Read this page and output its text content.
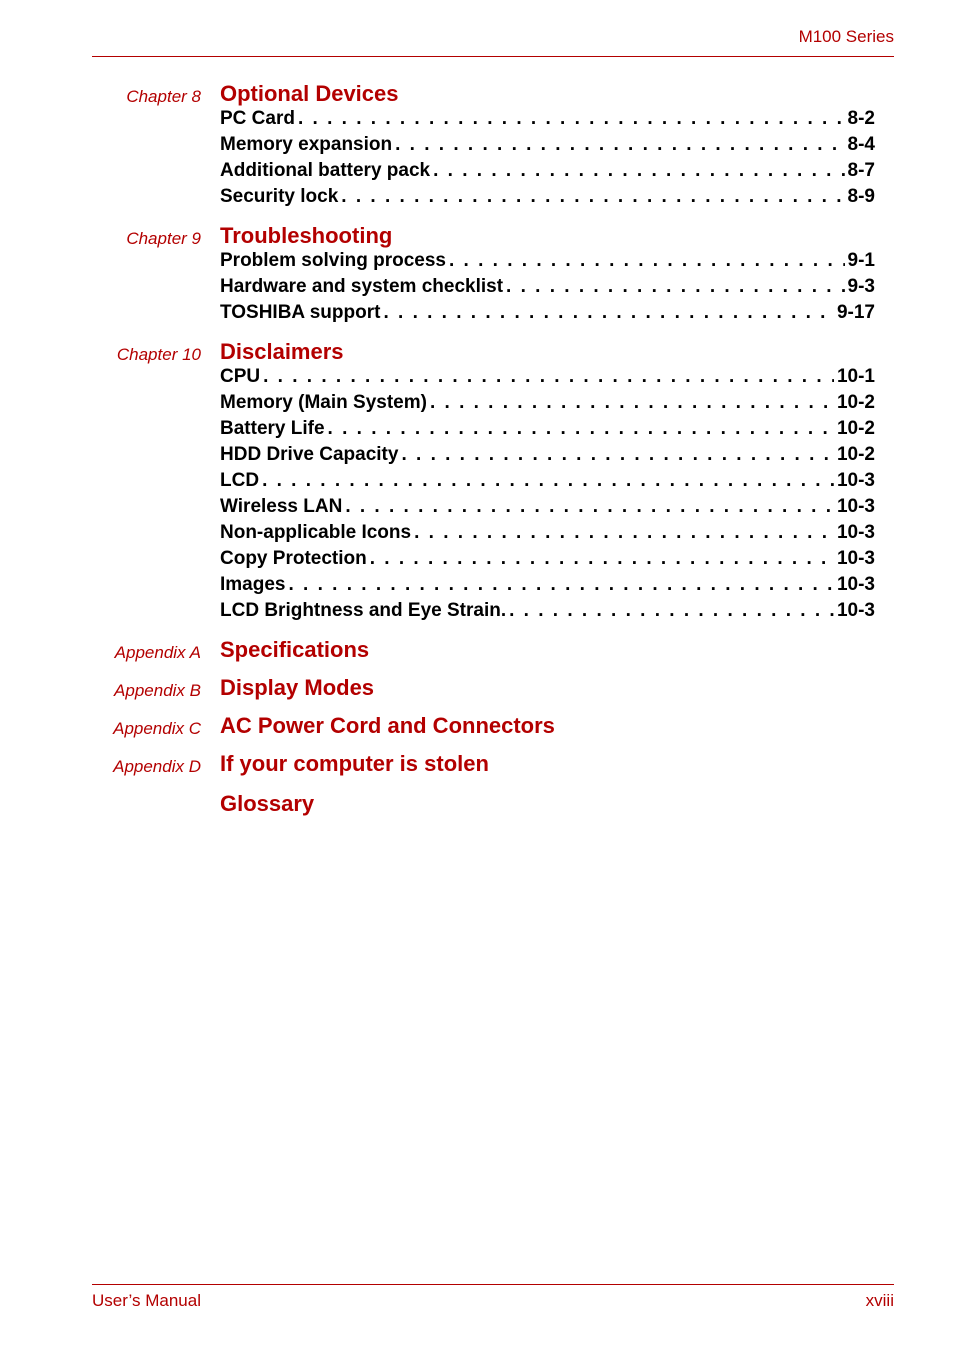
M100 Series
Chapter 8 Optional Devices
PC Card . . .	8-2
Memory expansion . . .	8-4
Additional battery pack . . .	8-7
Security lock . . .	8-9
Chapter 9 Troubleshooting
Problem solving process . . .	9-1
Hardware and system checklist . . .	9-3
TOSHIBA support . . .	9-17
Chapter 10 Disclaimers
CPU . . .	10-1
Memory (Main System) . . .	10-2
Battery Life . . .	10-2
HDD Drive Capacity . . .	10-2
LCD . . .	10-3
Wireless LAN . . .	10-3
Non-applicable Icons . . .	10-3
Copy Protection . . .	10-3
Images . . .	10-3
LCD Brightness and Eye Strain. . . .	10-3
Appendix A Specifications
Appendix B Display Modes
Appendix C AC Power Cord and Connectors
Appendix D If your computer is stolen
Glossary
User’s Manual	xviii
